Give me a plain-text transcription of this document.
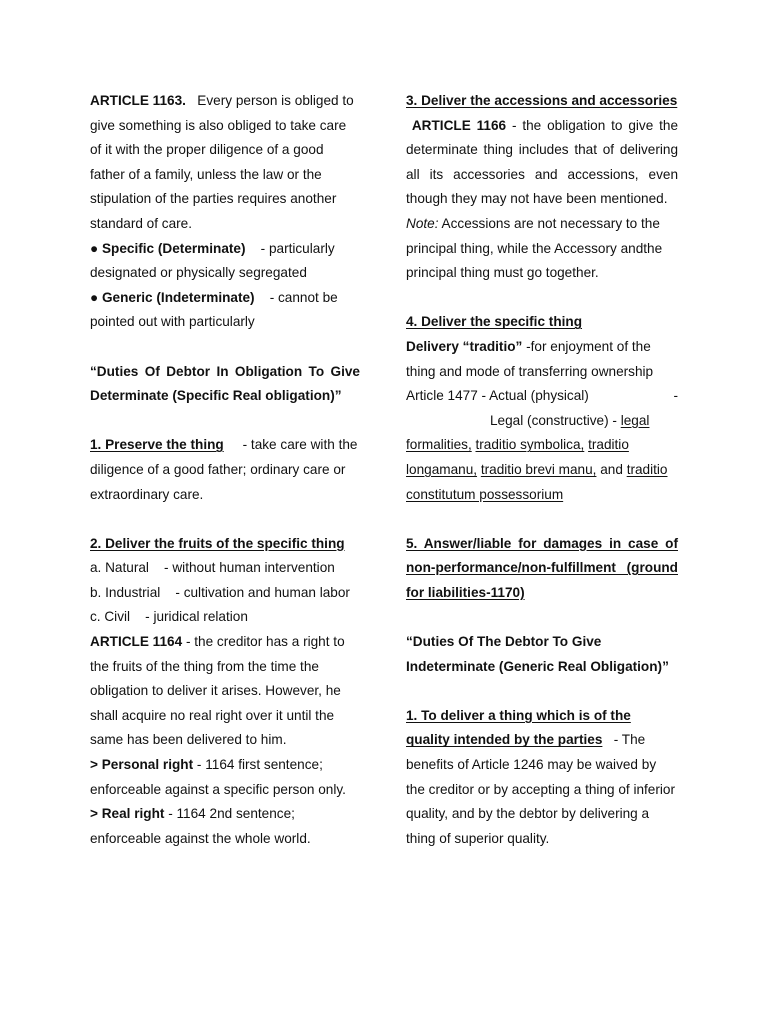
ARTICLE 1163. Every person is obliged to give something is also obliged to take care of it with the proper diligence of a good father of a family, unless the law or the stipulation of the parties requires another standard of care.

● Specific (Determinate) - particularly designated or physically segregated

● Generic (Indeterminate) - cannot be pointed out with particularly

“Duties Of Debtor In Obligation To Give Determinate (Specific Real obligation)”

1. Preserve the thing - take care with the diligence of a good father; ordinary care or extraordinary care.

2. Deliver the fruits of the specific thing

a. Natural - without human intervention

b. Industrial - cultivation and human labor

c. Civil - juridical relation

ARTICLE 1164 - the creditor has a right to the fruits of the thing from the time the obligation to deliver it arises. However, he shall acquire no real right over it until the same has been delivered to him.

> Personal right - 1164 first sentence; enforceable against a specific person only.

> Real right - 1164 2nd sentence; enforceable against the whole world.

3. Deliver the accessions and accessories

ARTICLE 1166 - the obligation to give the determinate thing includes that of delivering all its accessories and accessions, even though they may not have been mentioned.

Note: Accessions are not necessary to the principal thing, while the Accessory andthe principal thing must go together.

4. Deliver the specific thing

Delivery “traditio” -for enjoyment of the thing and mode of transferring ownership

Article 1477 - Actual (physical)	-

Legal (constructive) - legal formalities, traditio symbolica, traditio longamanu, traditio brevi manu, and traditio constitutum possessorium

5. Answer/liable for damages in case of non-performance/non-fulfillment (ground for liabilities-1170)

“Duties Of The Debtor To Give Indeterminate (Generic Real Obligation)”

1. To deliver a thing which is of the quality intended by the parties - The benefits of Article 1246 may be waived by the creditor or by accepting a thing of inferior quality, and by the debtor by delivering a thing of superior quality.
